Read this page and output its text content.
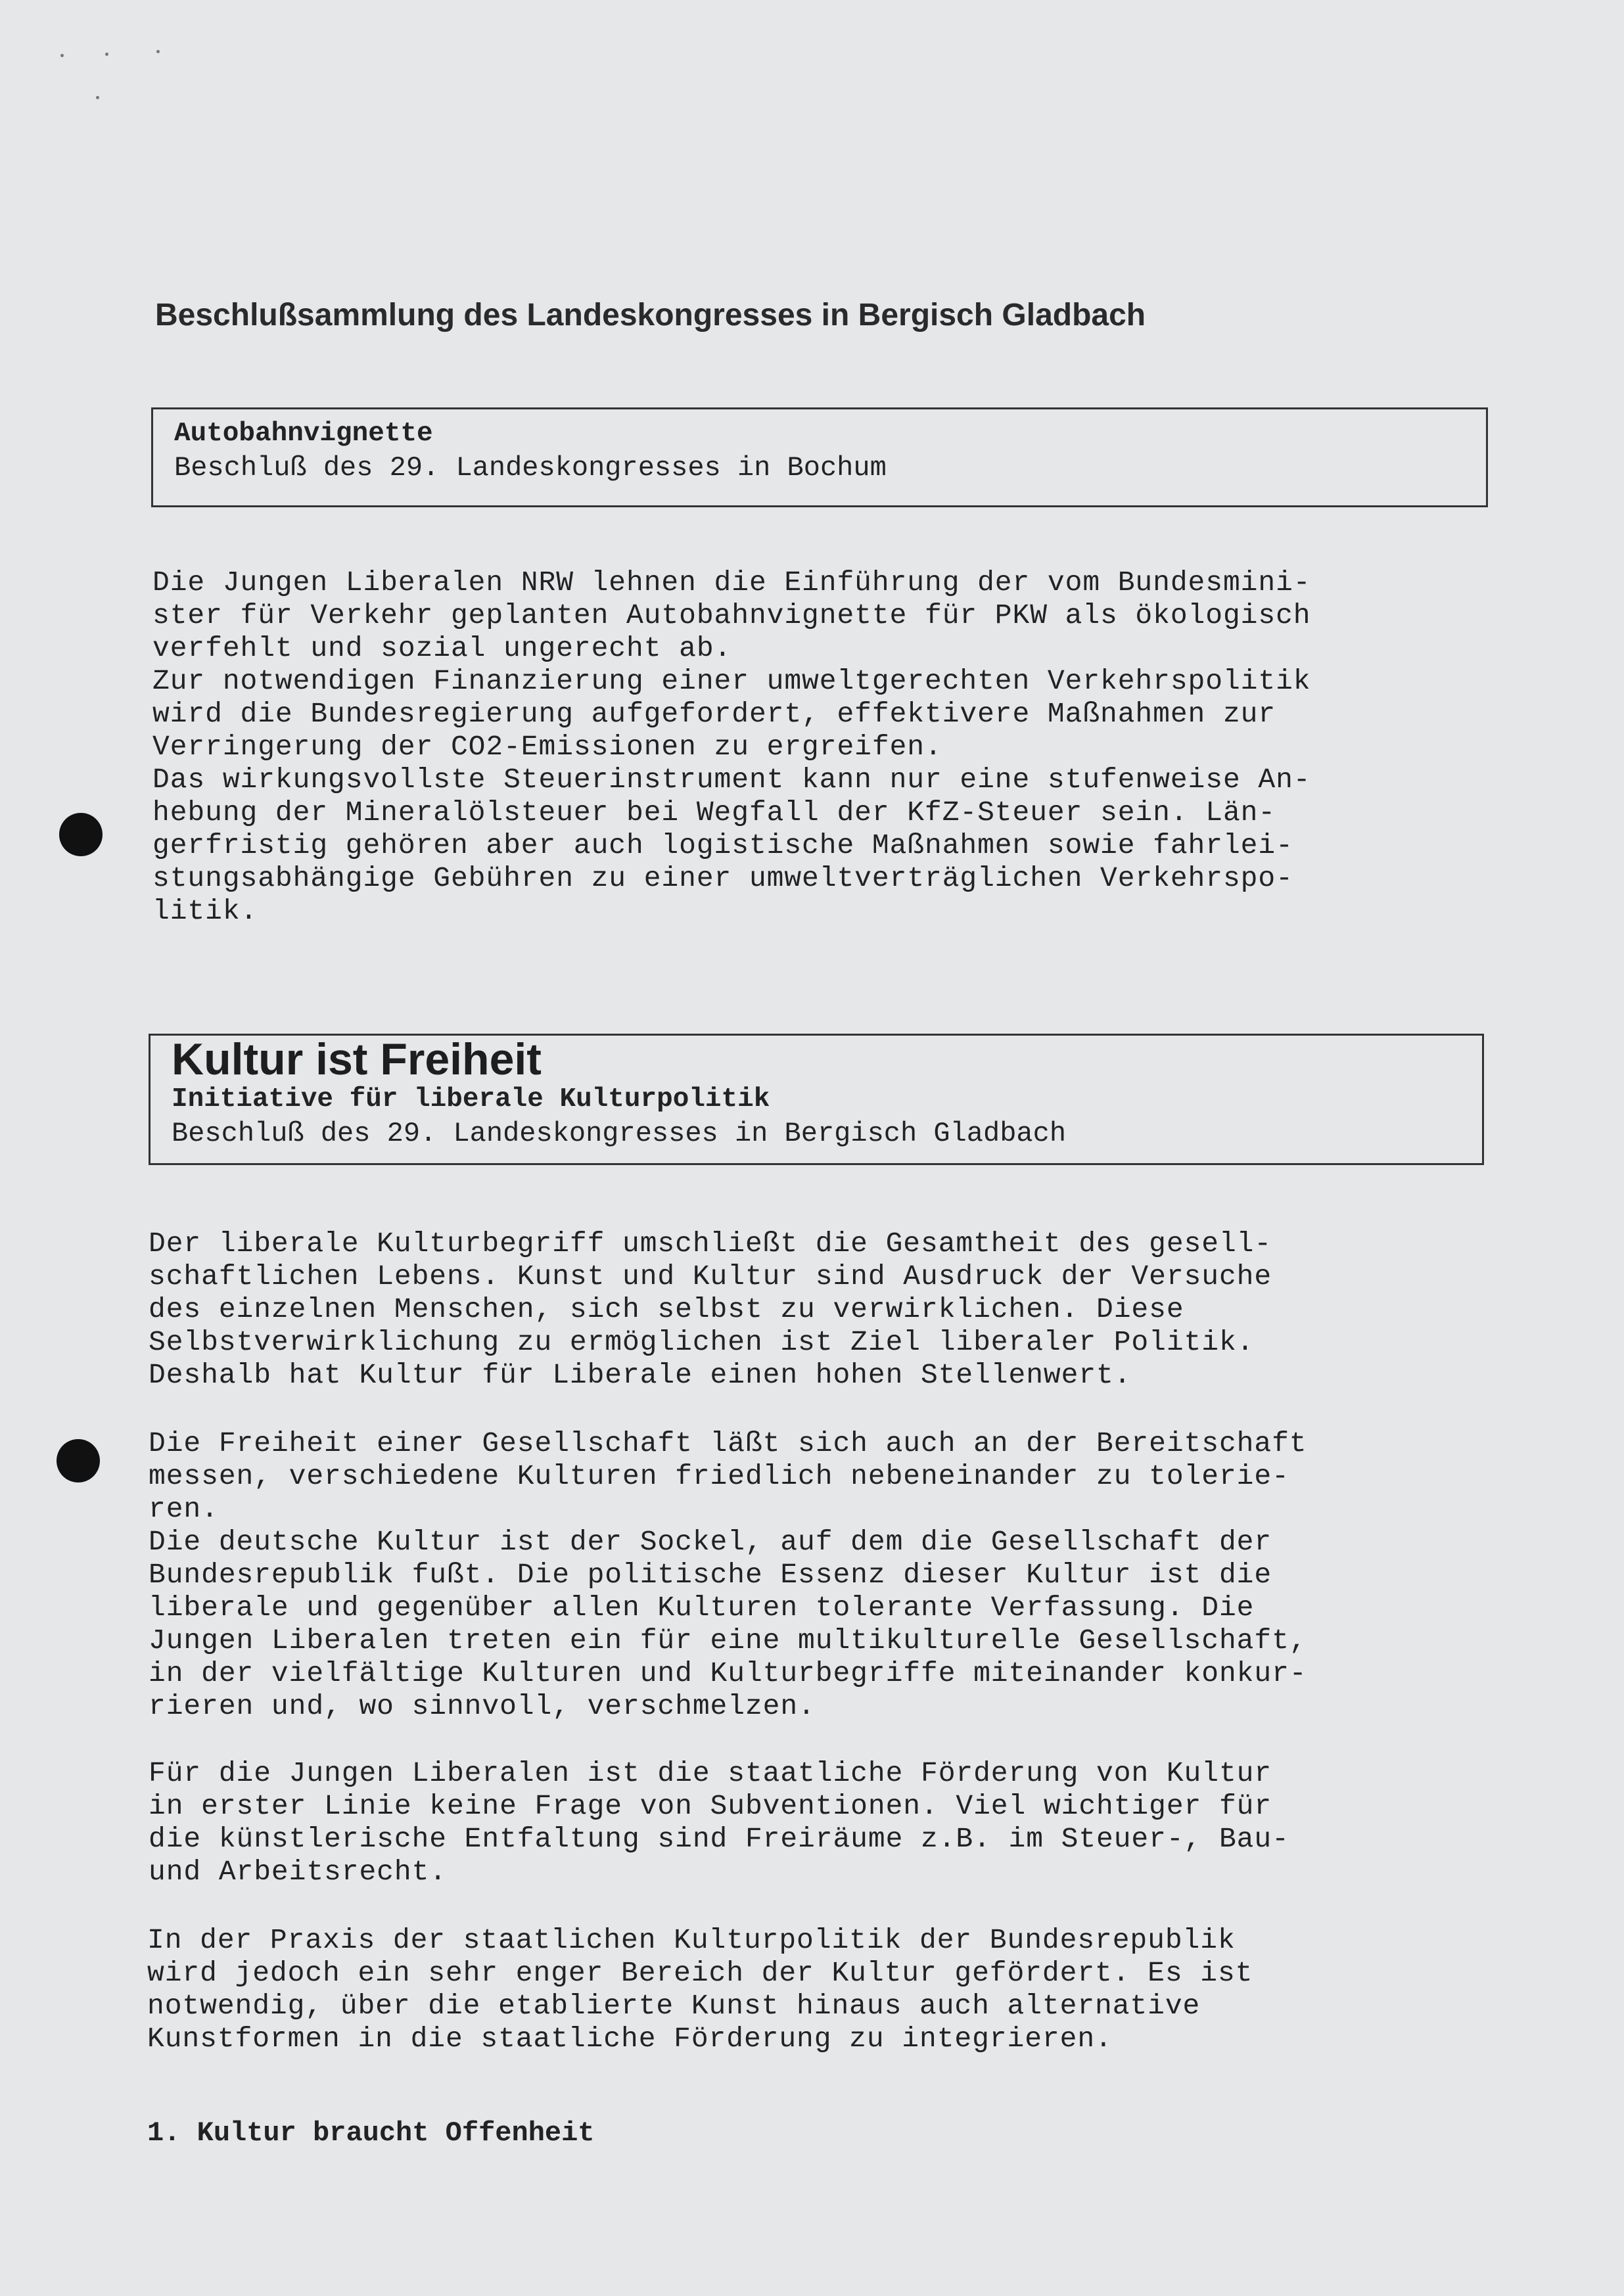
Beschlußsammlung des Landeskongresses in Bergisch Gladbach
Autobahnvignette
Beschluß des 29. Landeskongresses in Bochum
Die Jungen Liberalen NRW lehnen die Einführung der vom Bundesmini-
ster für Verkehr geplanten Autobahnvignette für PKW als ökologisch
verfehlt und sozial ungerecht ab.
Zur notwendigen Finanzierung einer umweltgerechten Verkehrspolitik
wird die Bundesregierung aufgefordert, effektivere Maßnahmen zur
Verringerung der CO2-Emissionen zu ergreifen.
Das wirkungsvollste Steuerinstrument kann nur eine stufenweise An-
hebung der Mineralölsteuer bei Wegfall der KfZ-Steuer sein. Län-
gerfristig gehören aber auch logistische Maßnahmen sowie fahrlei-
stungsabhängige Gebühren zu einer umweltverträglichen Verkehrspo-
litik.
Kultur ist Freiheit
Initiative für liberale Kulturpolitik
Beschluß des 29. Landeskongresses in Bergisch Gladbach
Der liberale Kulturbegriff umschließt die Gesamtheit des gesell-
schaftlichen Lebens. Kunst und Kultur sind Ausdruck der Versuche
des einzelnen Menschen, sich selbst zu verwirklichen. Diese
Selbstverwirklichung zu ermöglichen ist Ziel liberaler Politik.
Deshalb hat Kultur für Liberale einen hohen Stellenwert.
Die Freiheit einer Gesellschaft läßt sich auch an der Bereitschaft
messen, verschiedene Kulturen friedlich nebeneinander zu tolerie-
ren.
Die deutsche Kultur ist der Sockel, auf dem die Gesellschaft der
Bundesrepublik fußt. Die politische Essenz dieser Kultur ist die
liberale und gegenüber allen Kulturen tolerante Verfassung. Die
Jungen Liberalen treten ein für eine multikulturelle Gesellschaft,
in der vielfältige Kulturen und Kulturbegriffe miteinander konkur-
rieren und, wo sinnvoll, verschmelzen.
Für die Jungen Liberalen ist die staatliche Förderung von Kultur
in erster Linie keine Frage von Subventionen. Viel wichtiger für
die künstlerische Entfaltung sind Freiräume z.B. im Steuer-, Bau-
und Arbeitsrecht.
In der Praxis der staatlichen Kulturpolitik der Bundesrepublik
wird jedoch ein sehr enger Bereich der Kultur gefördert. Es ist
notwendig, über die etablierte Kunst hinaus auch alternative
Kunstformen in die staatliche Förderung zu integrieren.
1. Kultur braucht Offenheit
